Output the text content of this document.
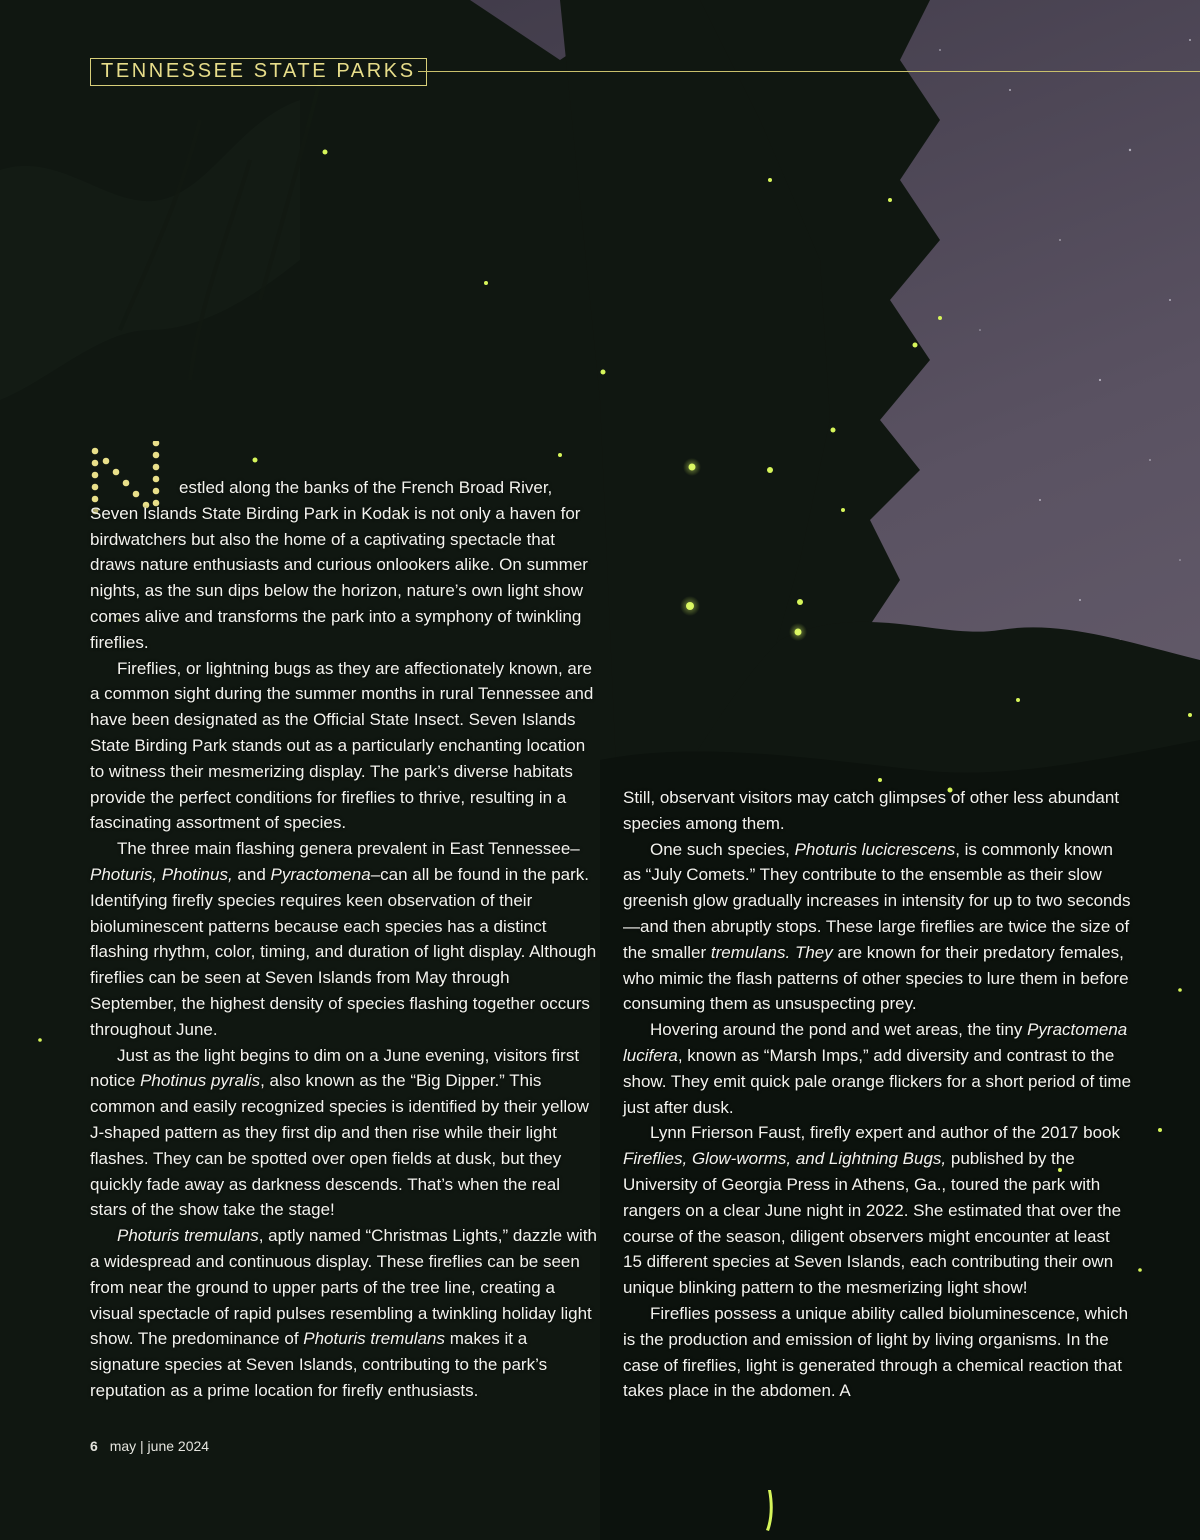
TENNESSEE STATE PARKS

estled along the banks of the French Broad River, Seven Islands State Birding Park in Kodak is not only a haven for birdwatchers but also the home of a captivating spectacle that draws nature enthusiasts and curious onlookers alike. On summer nights, as the sun dips below the horizon, nature’s own light show comes alive and transforms the park into a symphony of twinkling fireflies.

Fireflies, or lightning bugs as they are affectionately known, are a common sight during the summer months in rural Tennessee and have been designated as the Official State Insect. Seven Islands State Birding Park stands out as a particularly enchanting location to witness their mesmerizing display. The park’s diverse habitats provide the perfect conditions for fireflies to thrive, resulting in a fascinating assortment of species.

The three main flashing genera prevalent in East Tennessee–Photuris, Photinus, and Pyractomena–can all be found in the park. Identifying firefly species requires keen observation of their bioluminescent patterns because each species has a distinct flashing rhythm, color, timing, and duration of light display. Although fireflies can be seen at Seven Islands from May through September, the highest density of species flashing together occurs throughout June.

Just as the light begins to dim on a June evening, visitors first notice Photinus pyralis, also known as the “Big Dipper.” This common and easily recognized species is identified by their yellow J-shaped pattern as they first dip and then rise while their light flashes. They can be spotted over open fields at dusk, but they quickly fade away as darkness descends. That’s when the real stars of the show take the stage!

Photuris tremulans, aptly named “Christmas Lights,” dazzle with a widespread and continuous display. These fireflies can be seen from near the ground to upper parts of the tree line, creating a visual spectacle of rapid pulses resembling a twinkling holiday light show. The predominance of Photuris tremulans makes it a signature species at Seven Islands, contributing to the park’s reputation as a prime location for firefly enthusiasts.

Still, observant visitors may catch glimpses of other less abundant species among them.

One such species, Photuris lucicrescens, is commonly known as “July Comets.” They contribute to the ensemble as their slow greenish glow gradually increases in intensity for up to two seconds—and then abruptly stops. These large fireflies are twice the size of the smaller tremulans. They are known for their predatory females, who mimic the flash patterns of other species to lure them in before consuming them as unsuspecting prey.

Hovering around the pond and wet areas, the tiny Pyractomena lucifera, known as “Marsh Imps,” add diversity and contrast to the show. They emit quick pale orange flickers for a short period of time just after dusk.

Lynn Frierson Faust, firefly expert and author of the 2017 book Fireflies, Glow-worms, and Lightning Bugs, published by the University of Georgia Press in Athens, Ga., toured the park with rangers on a clear June night in 2022. She estimated that over the course of the season, diligent observers might encounter at least 15 different species at Seven Islands, each contributing their own unique blinking pattern to the mesmerizing light show!

Fireflies possess a unique ability called bioluminescence, which is the production and emission of light by living organisms. In the case of fireflies, light is generated through a chemical reaction that takes place in the abdomen. A

6 may | june 2024
